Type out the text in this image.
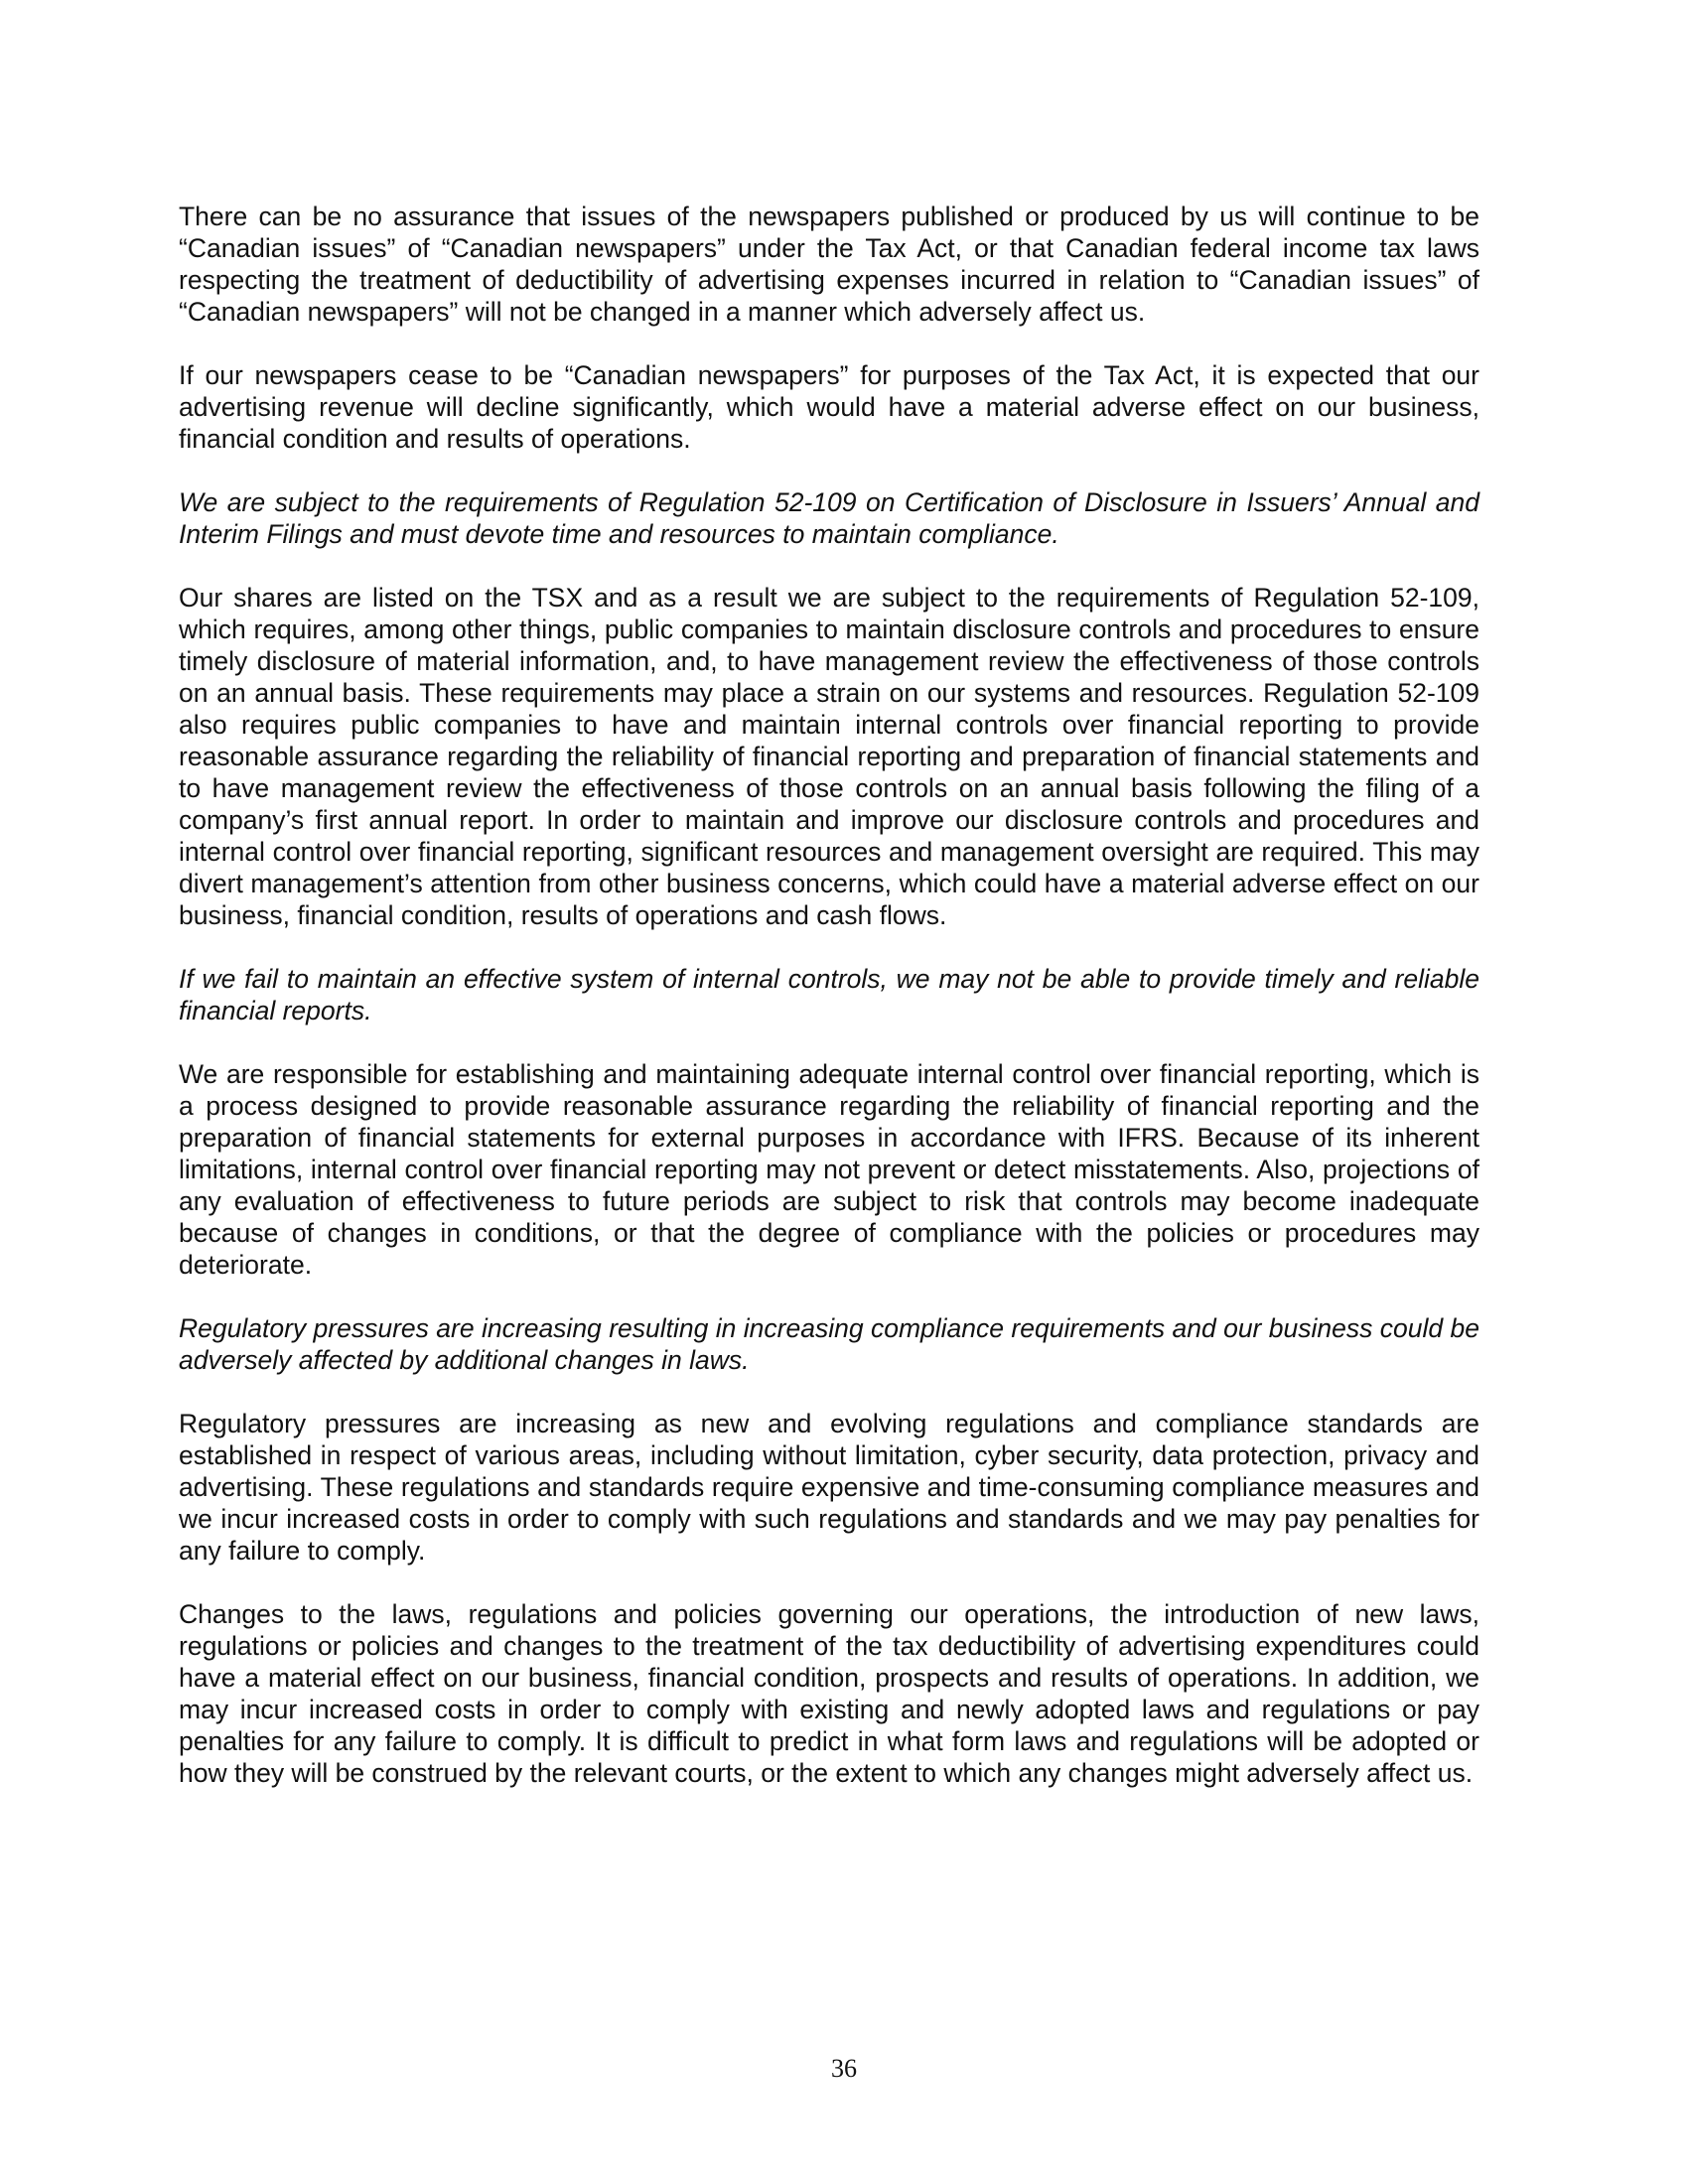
There can be no assurance that issues of the newspapers published or produced by us will continue to be “Canadian issues” of “Canadian newspapers” under the Tax Act, or that Canadian federal income tax laws respecting the treatment of deductibility of advertising expenses incurred in relation to “Canadian issues” of “Canadian newspapers” will not be changed in a manner which adversely affect us.

If our newspapers cease to be “Canadian newspapers” for purposes of the Tax Act, it is expected that our advertising revenue will decline significantly, which would have a material adverse effect on our business, financial condition and results of operations.

We are subject to the requirements of Regulation 52-109 on Certification of Disclosure in Issuers’ Annual and Interim Filings and must devote time and resources to maintain compliance.

Our shares are listed on the TSX and as a result we are subject to the requirements of Regulation 52-109, which requires, among other things, public companies to maintain disclosure controls and procedures to ensure timely disclosure of material information, and, to have management review the effectiveness of those controls on an annual basis. These requirements may place a strain on our systems and resources. Regulation 52-109 also requires public companies to have and maintain internal controls over financial reporting to provide reasonable assurance regarding the reliability of financial reporting and preparation of financial statements and to have management review the effectiveness of those controls on an annual basis following the filing of a company’s first annual report. In order to maintain and improve our disclosure controls and procedures and internal control over financial reporting, significant resources and management oversight are required. This may divert management’s attention from other business concerns, which could have a material adverse effect on our business, financial condition, results of operations and cash flows.

If we fail to maintain an effective system of internal controls, we may not be able to provide timely and reliable financial reports.

We are responsible for establishing and maintaining adequate internal control over financial reporting, which is a process designed to provide reasonable assurance regarding the reliability of financial reporting and the preparation of financial statements for external purposes in accordance with IFRS. Because of its inherent limitations, internal control over financial reporting may not prevent or detect misstatements. Also, projections of any evaluation of effectiveness to future periods are subject to risk that controls may become inadequate because of changes in conditions, or that the degree of compliance with the policies or procedures may deteriorate.

Regulatory pressures are increasing resulting in increasing compliance requirements and our business could be adversely affected by additional changes in laws.

Regulatory pressures are increasing as new and evolving regulations and compliance standards are established in respect of various areas, including without limitation, cyber security, data protection, privacy and advertising. These regulations and standards require expensive and time-consuming compliance measures and we incur increased costs in order to comply with such regulations and standards and we may pay penalties for any failure to comply.

Changes to the laws, regulations and policies governing our operations, the introduction of new laws, regulations or policies and changes to the treatment of the tax deductibility of advertising expenditures could have a material effect on our business, financial condition, prospects and results of operations. In addition, we may incur increased costs in order to comply with existing and newly adopted laws and regulations or pay penalties for any failure to comply. It is difficult to predict in what form laws and regulations will be adopted or how they will be construed by the relevant courts, or the extent to which any changes might adversely affect us.

36
